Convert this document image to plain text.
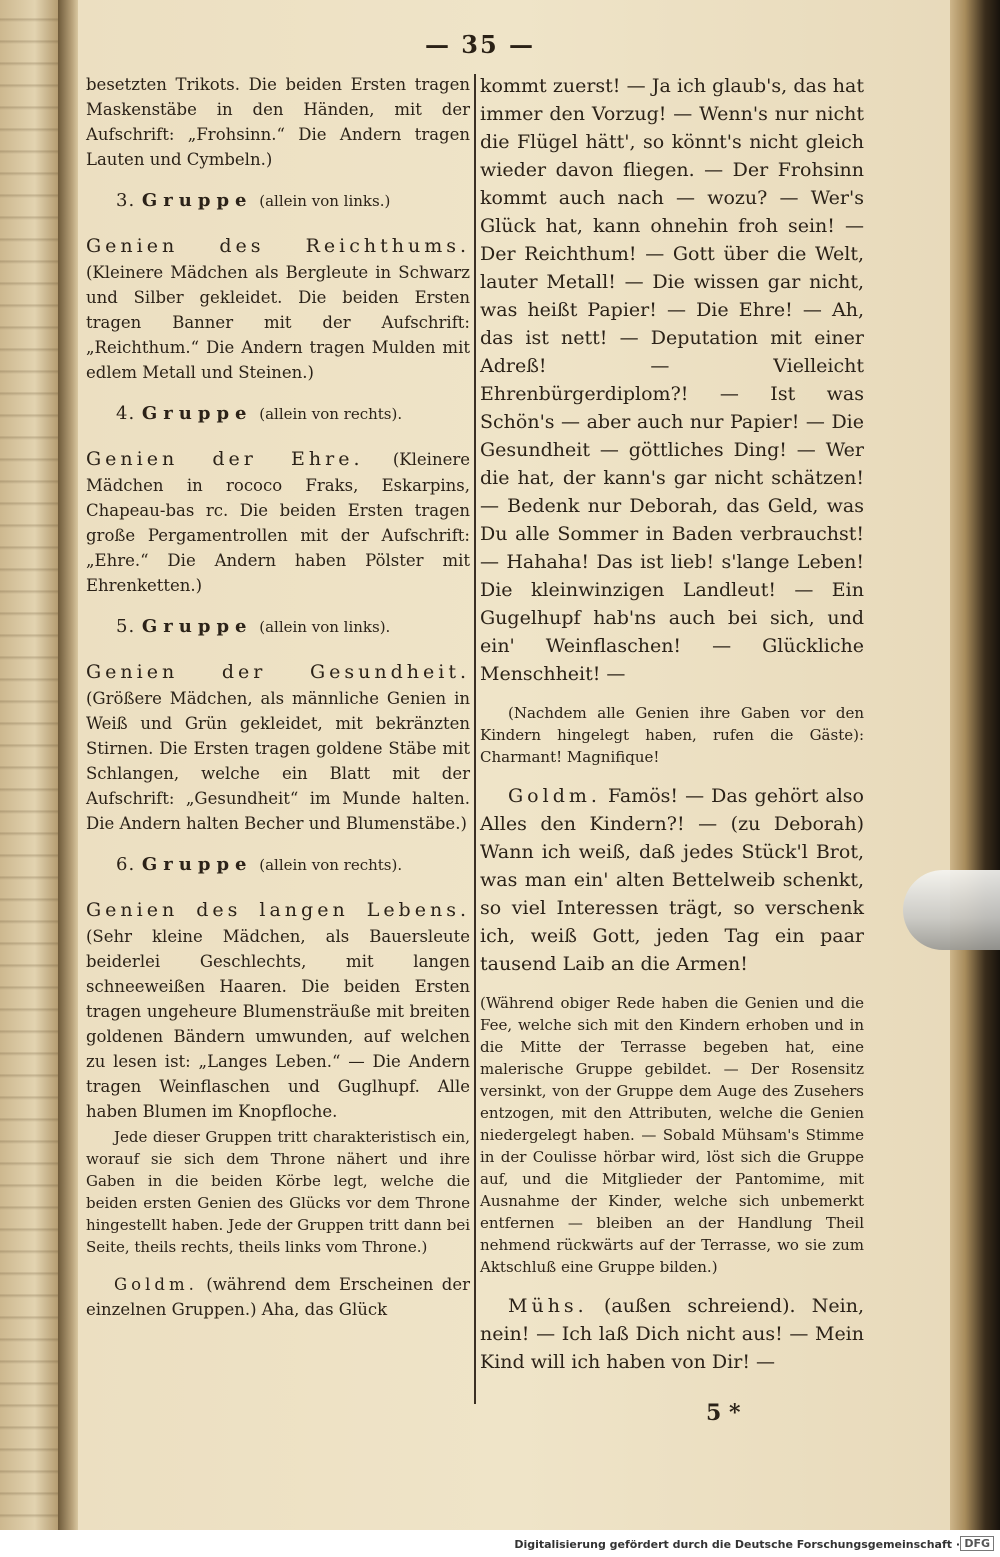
— 35 —

besetzten Trikots. Die beiden Ersten tragen Maskenstäbe in den Händen, mit der Aufschrift: „Frohsinn.“ Die Andern tragen Lauten und Cymbeln.)

3. Gruppe (allein von links.)

Genien des Reichthums. (Kleinere Mädchen als Bergleute in Schwarz und Silber gekleidet. Die beiden Ersten tragen Banner mit der Aufschrift: „Reichthum.“ Die Andern tragen Mulden mit edlem Metall und Steinen.)

4. Gruppe (allein von rechts).

Genien der Ehre. (Kleinere Mädchen in rococo Fraks, Eskarpins, Chapeau-bas rc. Die beiden Ersten tragen große Pergamentrollen mit der Aufschrift: „Ehre.“ Die Andern haben Pölster mit Ehrenketten.)

5. Gruppe (allein von links).

Genien der Gesundheit. (Größere Mädchen, als männliche Genien in Weiß und Grün gekleidet, mit bekränzten Stirnen. Die Ersten tragen goldene Stäbe mit Schlangen, welche ein Blatt mit der Aufschrift: „Gesundheit“ im Munde halten. Die Andern halten Becher und Blumenstäbe.)

6. Gruppe (allein von rechts).

Genien des langen Lebens. (Sehr kleine Mädchen, als Bauersleute beiderlei Geschlechts, mit langen schneeweißen Haaren. Die beiden Ersten tragen ungeheure Blumensträuße mit breiten goldenen Bändern umwunden, auf welchen zu lesen ist: „Langes Leben.“ — Die Andern tragen Weinflaschen und Guglhupf. Alle haben Blumen im Knopfloche.

Jede dieser Gruppen tritt charakteristisch ein, worauf sie sich dem Throne nähert und ihre Gaben in die beiden Körbe legt, welche die beiden ersten Genien des Glücks vor dem Throne hingestellt haben. Jede der Gruppen tritt dann bei Seite, theils rechts, theils links vom Throne.)

Goldm. (während dem Erscheinen der einzelnen Gruppen.) Aha, das Glück

kommt zuerst! — Ja ich glaub's, das hat immer den Vorzug! — Wenn's nur nicht die Flügel hätt', so könnt's nicht gleich wieder davon fliegen. — Der Frohsinn kommt auch nach — wozu? — Wer's Glück hat, kann ohnehin froh sein! — Der Reichthum! — Gott über die Welt, lauter Metall! — Die wissen gar nicht, was heißt Papier! — Die Ehre! — Ah, das ist nett! — Deputation mit einer Adreß! — Vielleicht Ehrenbürgerdiplom?! — Ist was Schön's — aber auch nur Papier! — Die Gesundheit — göttliches Ding! — Wer die hat, der kann's gar nicht schätzen! — Bedenk nur Deborah, das Geld, was Du alle Sommer in Baden verbrauchst! — Hahaha! Das ist lieb! s'lange Leben! Die kleinwinzigen Landleut! — Ein Gugelhupf hab'ns auch bei sich, und ein' Weinflaschen! — Glückliche Menschheit! —

(Nachdem alle Genien ihre Gaben vor den Kindern hingelegt haben, rufen die Gäste): Charmant! Magnifique!

Goldm. Famös! — Das gehört also Alles den Kindern?! — (zu Deborah) Wann ich weiß, daß jedes Stück'l Brot, was man ein' alten Bettelweib schenkt, so viel Interessen trägt, so verschenk ich, weiß Gott, jeden Tag ein paar tausend Laib an die Armen!

(Während obiger Rede haben die Genien und die Fee, welche sich mit den Kindern erhoben und in die Mitte der Terrasse begeben hat, eine malerische Gruppe gebildet. — Der Rosensitz versinkt, von der Gruppe dem Auge des Zusehers entzogen, mit den Attributen, welche die Genien niedergelegt haben. — Sobald Mühsam's Stimme in der Coulisse hörbar wird, löst sich die Gruppe auf, und die Mitglieder der Pantomime, mit Ausnahme der Kinder, welche sich unbemerkt entfernen — bleiben an der Handlung Theil nehmend rückwärts auf der Terrasse, wo sie zum Aktschluß eine Gruppe bilden.)

Mühs. (außen schreiend). Nein, nein! — Ich laß Dich nicht aus! — Mein Kind will ich haben von Dir! —

5 *
Digitalisierung gefördert durch die Deutsche Forschungsgemeinschaft · DFG
